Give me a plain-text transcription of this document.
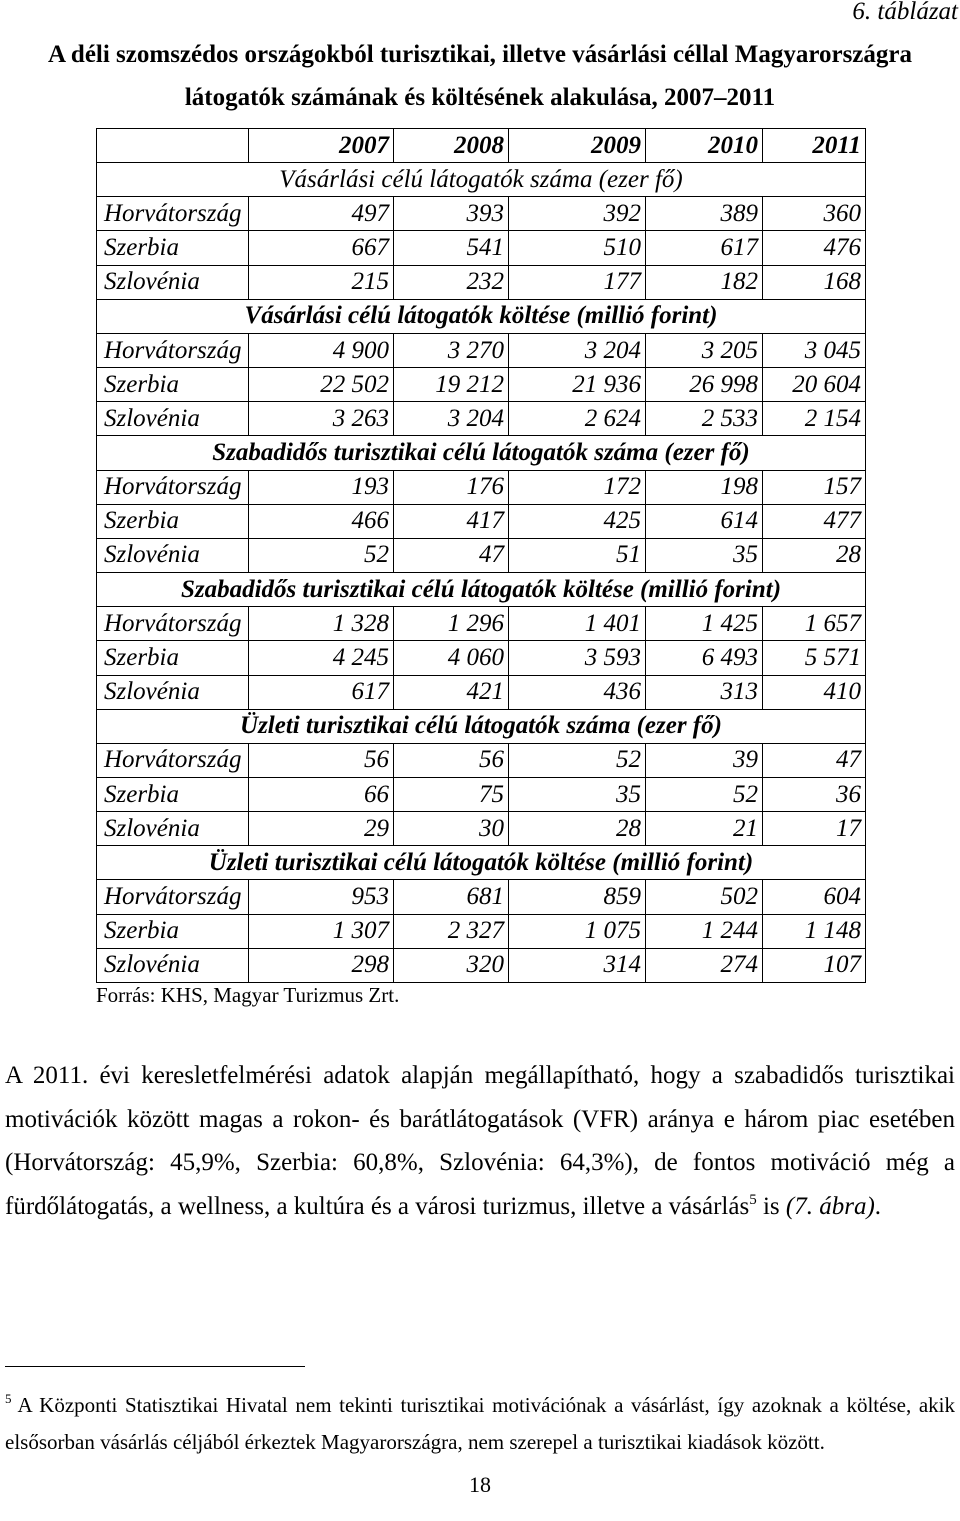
6. táblázat
A déli szomszédos országokból turisztikai, illetve vásárlási céllal Magyarországra
látogatók számának és költésének alakulása, 2007–2011
	2007	2008	2009	2010	2011
Vásárlási célú látogatók száma (ezer fő)					
Horvátország	497	393	392	389	360
Szerbia	667	541	510	617	476
Szlovénia	215	232	177	182	168
Vásárlási célú látogatók költése (millió forint)					
Horvátország	4 900	3 270	3 204	3 205	3 045
Szerbia	22 502	19 212	21 936	26 998	20 604
Szlovénia	3 263	3 204	2 624	2 533	2 154
Szabadidős turisztikai célú látogatók száma (ezer fő)					
Horvátország	193	176	172	198	157
Szerbia	466	417	425	614	477
Szlovénia	52	47	51	35	28
Szabadidős turisztikai célú látogatók költése (millió forint)					
Horvátország	1 328	1 296	1 401	1 425	1 657
Szerbia	4 245	4 060	3 593	6 493	5 571
Szlovénia	617	421	436	313	410
Üzleti turisztikai célú látogatók száma (ezer fő)					
Horvátország	56	56	52	39	47
Szerbia	66	75	35	52	36
Szlovénia	29	30	28	21	17
Üzleti turisztikai célú látogatók költése (millió forint)					
Horvátország	953	681	859	502	604
Szerbia	1 307	2 327	1 075	1 244	1 148
Szlovénia	298	320	314	274	107
Forrás: KHS, Magyar Turizmus Zrt.
A 2011. évi keresletfelmérési adatok alapján megállapítható, hogy a szabadidős turisztikai
motivációk között magas a rokon- és barátlátogatások (VFR) aránya e három piac esetében
(Horvátország: 45,9%, Szerbia: 60,8%, Szlovénia: 64,3%), de fontos motiváció még a
fürdőlátogatás, a wellness, a kultúra és a városi turizmus, illetve a vásárlás$^5$ is (7. ábra).
$^5$ A Központi Statisztikai Hivatal nem tekinti turisztikai motivációnak a vásárlást, így azoknak a költése, akik
elsősorban vásárlás céljából érkeztek Magyarországra, nem szerepel a turisztikai kiadások között.
18
